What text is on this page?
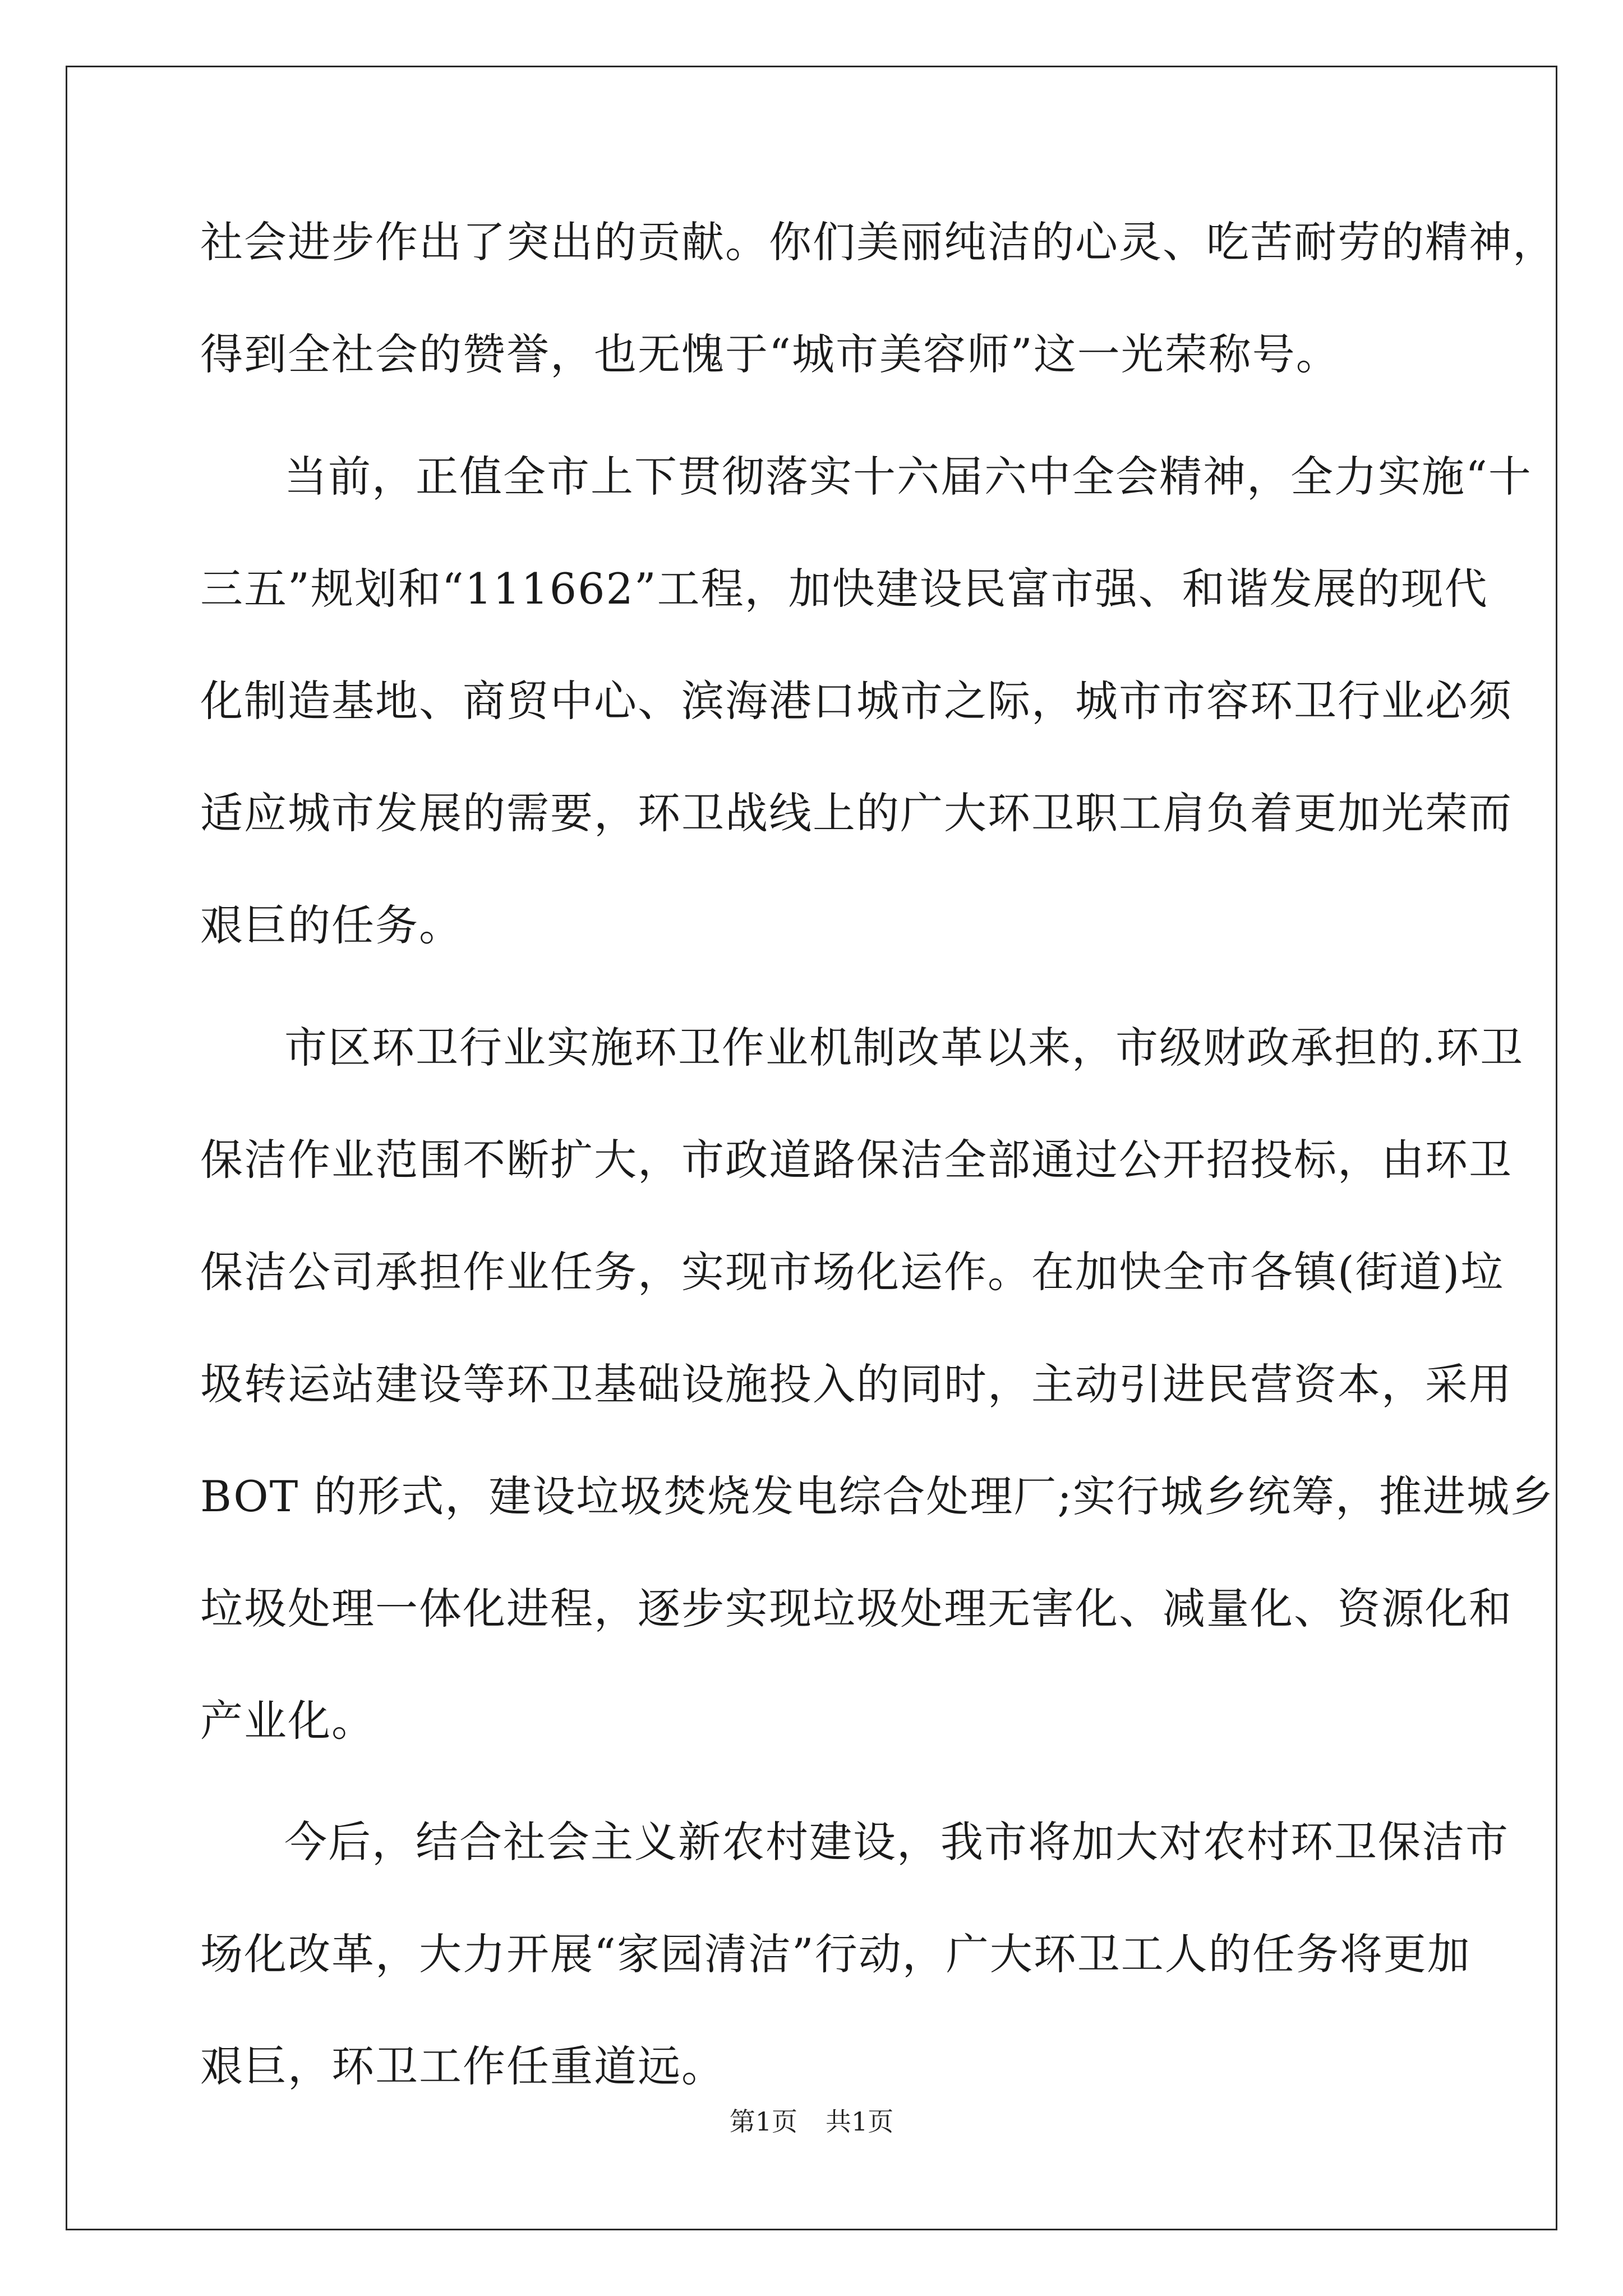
社会进步作出了突出的贡献。你们美丽纯洁的心灵、吃苦耐劳的精神，
得到全社会的赞誉，也无愧于“城市美容师”这一光荣称号。
当前，正值全市上下贯彻落实十六届六中全会精神，全力实施“十
三五”规划和“111662”工程，加快建设民富市强、和谐发展的现代
化制造基地、商贸中心、滨海港口城市之际，城市市容环卫行业必须
适应城市发展的需要，环卫战线上的广大环卫职工肩负着更加光荣而
艰巨的任务。
市区环卫行业实施环卫作业机制改革以来，市级财政承担的.环卫
保洁作业范围不断扩大，市政道路保洁全部通过公开招投标，由环卫
保洁公司承担作业任务，实现市场化运作。在加快全市各镇(街道)垃
圾转运站建设等环卫基础设施投入的同时，主动引进民营资本，采用
BOT 的形式，建设垃圾焚烧发电综合处理厂;实行城乡统筹，推进城乡
垃圾处理一体化进程，逐步实现垃圾处理无害化、减量化、资源化和
产业化。
今后，结合社会主义新农村建设，我市将加大对农村环卫保洁市
场化改革，大力开展“家园清洁”行动，广大环卫工人的任务将更加
艰巨，环卫工作任重道远。
第1页 共1页
